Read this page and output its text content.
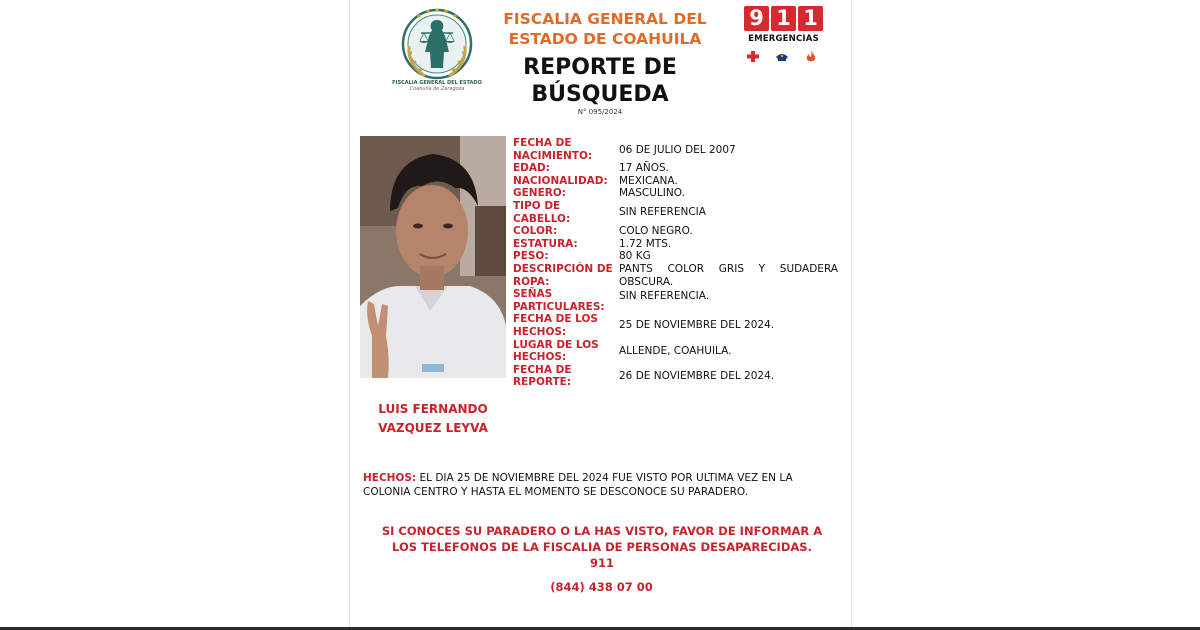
FISCALIA GENERAL DEL ESTADO
Coahuila de Zaragoza
FISCALIA GENERAL DEL
ESTADO DE COAHUILA
REPORTE DE
BÚSQUEDA
N° 095/2024
9 1 1
EMERGENCIAS
LUIS FERNANDO
VAZQUEZ LEYVA
FECHA DE NACIMIENTO:	06 DE JULIO DEL 2007
EDAD:	17 AÑOS.
NACIONALIDAD:	MEXICANA.
GENERO:	MASCULINO.
TIPO DE CABELLO:
SIN REFERENCIA
COLOR:	COLO NEGRO.
ESTATURA:	1.72 MTS.
PESO:	80 KG
DESCRIPCIÓN DE ROPA:
PANTS COLOR GRIS Y SUDADERA OBSCURA.
SEÑAS PARTICULARES:
SIN REFERENCIA.
FECHA DE LOS HECHOS:
25 DE NOVIEMBRE DEL 2024.
LUGAR DE LOS HECHOS:
ALLENDE, COAHUILA.
FECHA DE REPORTE:
26 DE NOVIEMBRE DEL 2024.
HECHOS: EL DIA 25 DE NOVIEMBRE DEL 2024 FUE VISTO POR ULTIMA VEZ EN LA COLONIA CENTRO Y HASTA EL MOMENTO SE DESCONOCE SU PARADERO.
SI CONOCES SU PARADERO O LA HAS VISTO, FAVOR DE INFORMAR A
LOS TELEFONOS DE LA FISCALIA DE PERSONAS DESAPARECIDAS.
911
(844) 438 07 00
